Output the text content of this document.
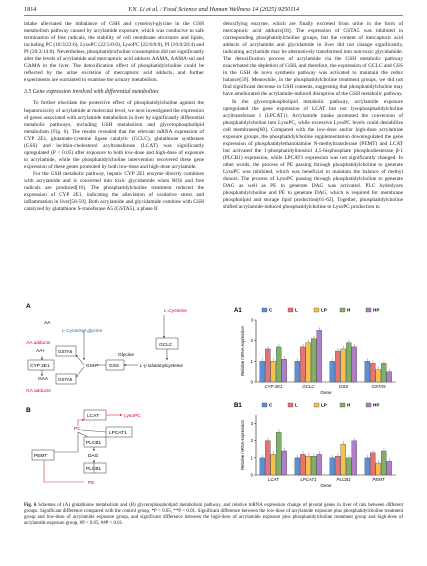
1814	Y.N. Li et al. / Food Science and Human Wellness 14 (2025) 9250114

intake alleviated the imbalance of GSH and cysteinyl-glycine in the GSH metabolism pathway caused by acrylamide exposure, which was conducive to safe termination of free radicals, the stability of cell membrane structures and lipids, including PC (18:3/22:6), LysoPC (22:5/0:0), LysoPC (22:6/0:0), PI (16:0/20:4) and PI (20:3/14:0). Nevertheless, phosphatidylcholine consumption did not significantly alter the levels of acrylamide and mercapturic acid adducts AAMA, AAMA-sul and GAMA in the liver. The detoxification effect of phosphatidylcholine could be reflected by the urine excretion of mercapturic acid adducts, and further experiments are warranted to examine the urinary metabolism.

3.5 Gene expression involved with differential metabolites

To further elucidate the protective effect of phosphatidylcholine against the hepatotoxicity of acrylamide at molecular level, we next investigated the expression of genes associated with acrylamide metabolism in liver by significantly differential metabolic pathways, including GSH metabolism and glycerophospholipid metabolism (Fig. 6). The results revealed that the relevant mRNA expression of CYP 2E1, glutamate-cysteine ligase catalytic (GCLC), glutathione synthetase (GSS) and lecithin-cholesterol acyltransferase (LCAT) was significantly upregulated (P < 0.05) after exposure to both low-dose and high-dose of exposure to acrylamide, while the phosphatidylcholine intervention recovered these gene expression of these genes promoted by both low-dose and high-dose acrylamide.

For the GSH metabolic pathway, hepatic CYP 2E1 enzyme directly combines with acrylamide and is converted into toxic glycidamide when ROS and free radicals are produced[16]. The phosphatidylcholine treatment reduced the expression of CYP 2E1, indicating the alleviation of oxidative stress and inflammation in liver[58-59]. Both acrylamide and glycidamide combine with GSH catalyzed by glutathione S-transferase A5 (GSTA5), a phase II

detoxifying enzyme, which are finally excreted from urine in the form of mercapturic acid adducts[18]. The expression of GSTA5 was inhibited in corresponding phosphatidylcholine groups, but the content of mercapturic acid adducts of acrylamide and glycidamide in liver did not change significantly, indicating acrylamide may be alternatively transformed into non-toxic glycidamide. The detoxification process of acrylamide via the GSH metabolic pathway exacerbated the depletion of GSH, and therefore, the expression of GCLC and GSS in the GSH de novo synthesis pathway was activated to maintain the redox balance[59]. Meanwhile, in the phosphatidylcholine treatment groups, we did not find significant decrease in GSH contents, suggesting that phosphatidylcholine may have ameliorated the acrylamide-induced disruption of the GSH metabolic pathway.

In the glycerophospholipid metabolic pathway, acrylamide exposure upregulated the gene expression of LCAT but not lysophosphatidylcholine acyltransferase 1 (LPCAT1). Acrylamide intake promoted the conversion of phosphatidylcholine into LysoPC, while excessive LysoPC levels could destabilize cell membranes[60]. Compared with the low-dose and/or high-dose acrylamide exposure groups, the phosphatidylcholine supplementation downregulated the gene expression of phosphatidylethanolamine N-methyltransferase (PEMT) and LCAT but activated the 1-phosphatidylinositol 4,5-bisphosphate phosphodiesterase β-1 (PLCB1) expression, while LPCAT1 expression was not significantly changed. In other words, the process of PE passing through phosphatidylcholine to generate LysoPC was inhibited, which was beneficial to maintain the balance of methyl donors. The process of LysoPC passing through phosphatidylcholine to generate DAG as well as PE to generate DAG was activated. PLC hydrolyzes phosphatidylcholine and PE to generate DAG, which is required for membrane phospholipid and storage lipid production[61-62]. Together, phosphatidylcholine shifted acrylamide-induced phosphatidylcholine to LysoPC production to

A
L-Cysteine
L-Cysteinyl-glycine
GCLC
AA adducts
AA+	GSTA5
Glycine
CYP 2E1	GSH	GSS	L-γ-Glutamylcysteine
GSTA5
GAA
GA adducts
AA
B
LCAT	LysoPC
PC
LPCAT1
PLCB1
PEMT	DAG
PLCB1
PE
A1	C	L	LP	H	HP
0
1
2
3
Relative mRNA expression
CYP 2E1	GCLC	GSS	GSTA5
Gene
B1	C	L	LP	H	HP
0
1
2
3
Relative mRNA expression
LCAT	LPCAT1	PLCB1	PEMT
Gene
Fig. 6 Schemes of (A) glutathione metabolism and (B) glycerophospholipid metabolism pathway, and relative mRNA expression change of pivotal genes in liver of rats between different groups. Significant difference compared with the control group, *P < 0.05, **P < 0.01. Significant difference between the low-dose of acrylamide exposure plus phosphatidylcholine treatment group and low-dose of acrylamide exposure group, and significant difference between the high-dose of acrylamide exposure plus phosphatidylcholine treatment group and high-dose of acrylamide exposure group, #P < 0.05, ##P < 0.01.
